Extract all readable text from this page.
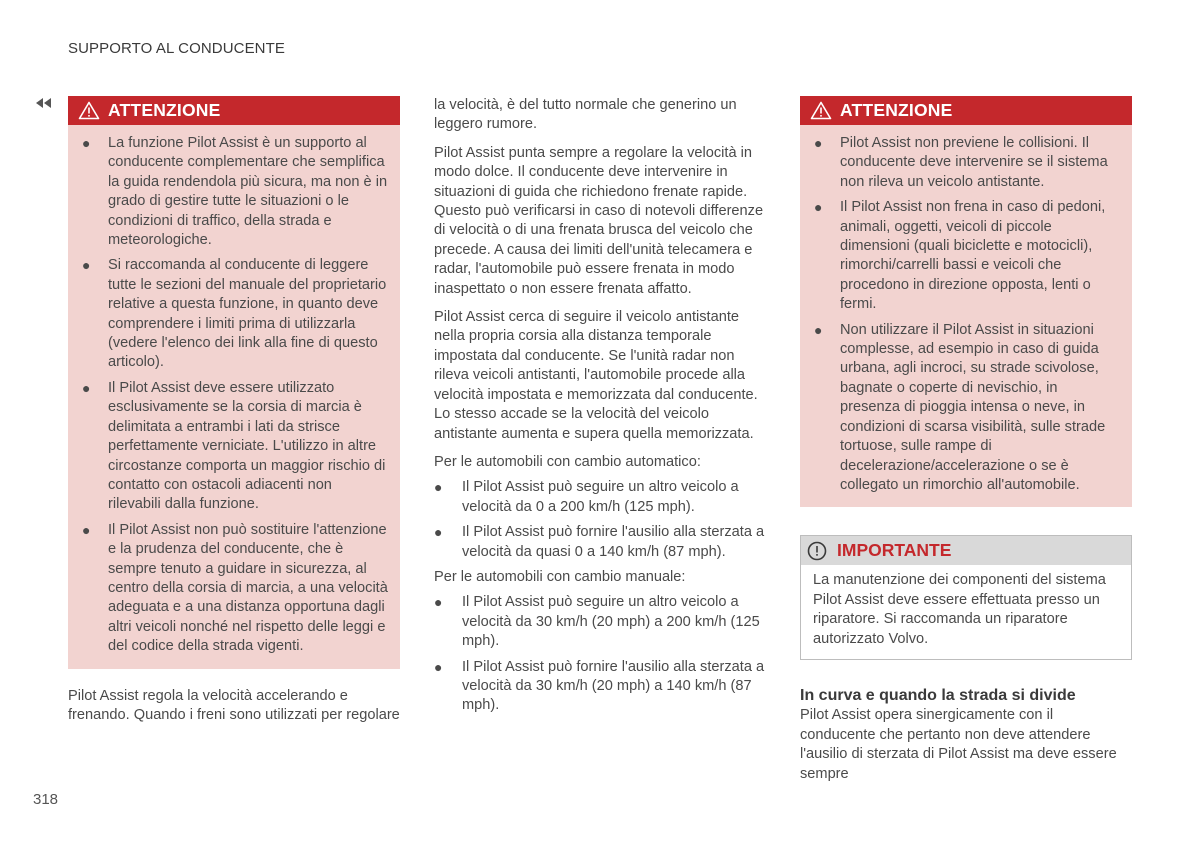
SUPPORTO AL CONDUCENTE
ATTENZIONE
● La funzione Pilot Assist è un supporto al conducente complementare che semplifica la guida rendendola più sicura, ma non è in grado di gestire tutte le situazioni o le condizioni di traffico, della strada e meteorologiche.
● Si raccomanda al conducente di leggere tutte le sezioni del manuale del proprietario relative a questa funzione, in quanto deve comprendere i limiti prima di utilizzarla (vedere l'elenco dei link alla fine di questo articolo).
● Il Pilot Assist deve essere utilizzato esclusivamente se la corsia di marcia è delimitata a entrambi i lati da strisce perfettamente verniciate. L'utilizzo in altre circostanze comporta un maggior rischio di contatto con ostacoli adiacenti non rilevabili dalla funzione.
● Il Pilot Assist non può sostituire l'attenzione e la prudenza del conducente, che è sempre tenuto a guidare in sicurezza, al centro della corsia di marcia, a una velocità adeguata e a una distanza opportuna dagli altri veicoli nonché nel rispetto delle leggi e del codice della strada vigenti.

Pilot Assist regola la velocità accelerando e frenando. Quando i freni sono utilizzati per regolare

la velocità, è del tutto normale che generino un leggero rumore.

Pilot Assist punta sempre a regolare la velocità in modo dolce. Il conducente deve intervenire in situazioni di guida che richiedono frenate rapide. Questo può verificarsi in caso di notevoli differenze di velocità o di una frenata brusca del veicolo che precede. A causa dei limiti dell'unità telecamera e radar, l'automobile può essere frenata in modo inaspettato o non essere frenata affatto.

Pilot Assist cerca di seguire il veicolo antistante nella propria corsia alla distanza temporale impostata dal conducente. Se l'unità radar non rileva veicoli antistanti, l'automobile procede alla velocità impostata e memorizzata dal conducente. Lo stesso accade se la velocità del veicolo antistante aumenta e supera quella memorizzata.

Per le automobili con cambio automatico:

● Il Pilot Assist può seguire un altro veicolo a velocità da 0 a 200 km/h (125 mph).
● Il Pilot Assist può fornire l'ausilio alla sterzata a velocità da quasi 0 a 140 km/h (87 mph).

Per le automobili con cambio manuale:

● Il Pilot Assist può seguire un altro veicolo a velocità da 30 km/h (20 mph) a 200 km/h (125 mph).
● Il Pilot Assist può fornire l'ausilio alla sterzata a velocità da 30 km/h (20 mph) a 140 km/h (87 mph).
ATTENZIONE
● Pilot Assist non previene le collisioni. Il conducente deve intervenire se il sistema non rileva un veicolo antistante.
● Il Pilot Assist non frena in caso di pedoni, animali, oggetti, veicoli di piccole dimensioni (quali biciclette e motocicli), rimorchi/carrelli bassi e veicoli che procedono in direzione opposta, lenti o fermi.
● Non utilizzare il Pilot Assist in situazioni complesse, ad esempio in caso di guida urbana, agli incroci, su strade scivolose, bagnate o coperte di nevischio, in presenza di pioggia intensa o neve, in condizioni di scarsa visibilità, sulle strade tortuose, sulle rampe di decelerazione/accelerazione o se è collegato un rimorchio all'automobile.
IMPORTANTE
La manutenzione dei componenti del sistema Pilot Assist deve essere effettuata presso un riparatore. Si raccomanda un riparatore autorizzato Volvo.
In curva e quando la strada si divide

Pilot Assist opera sinergicamente con il conducente che pertanto non deve attendere l'ausilio di sterzata di Pilot Assist ma deve essere sempre

318
